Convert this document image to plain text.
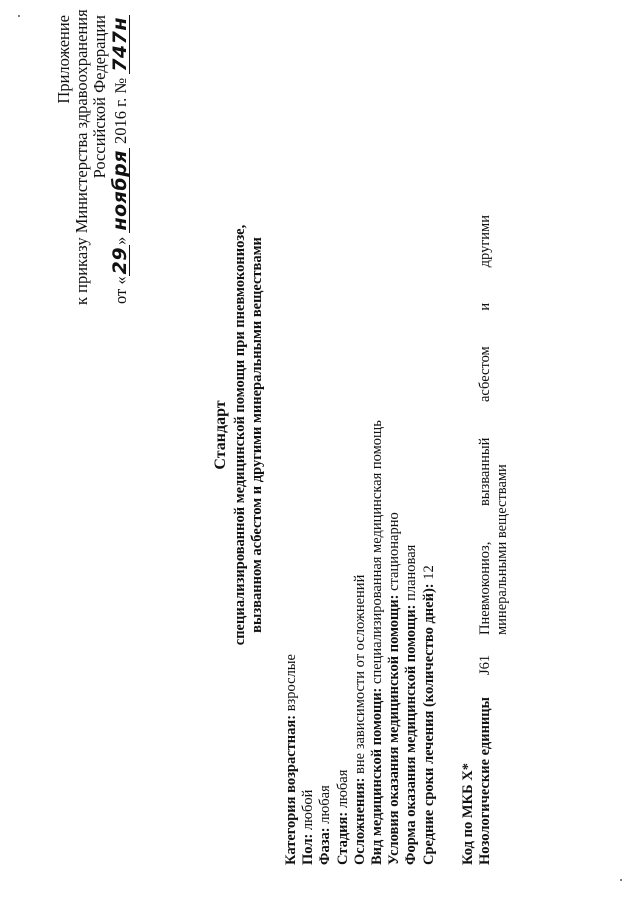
Приложение к приказу Министерства здравоохранения Российской Федерации
от «29» ноября 2016 г. № 747н
Стандарт специализированной медицинской помощи при пневмокониозе, вызванном асбестом и другими минеральными веществами
Категория возрастная: взрослые
Пол: любой
Фаза: любая
Стадия: любая Осложнения: вне зависимости от осложнений Вид медицинской помощи: специализированная медицинская помощь
Условия оказания медицинской помощи: стационарно
Форма оказания медицинской помощи: плановая
Средние сроки лечения (количество дней): 12
Код по МКБ X* Нозологические единицы
J61
Пневмокониоз, вызванный асбестом и другими минеральными веществами
